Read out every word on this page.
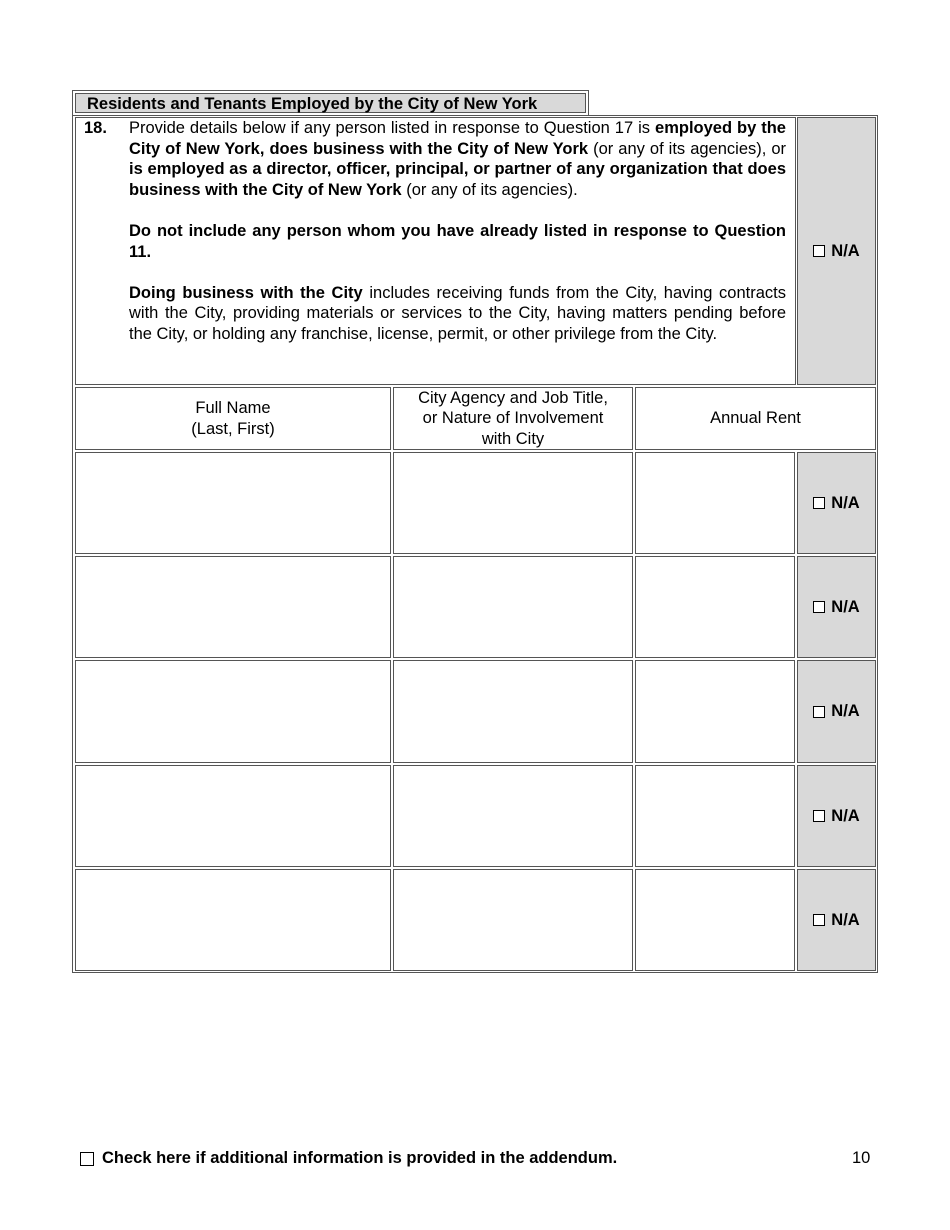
Residents and Tenants Employed by the City of New York
18. Provide details below if any person listed in response to Question 17 is employed by the City of New York, does business with the City of New York (or any of its agencies), or is employed as a director, officer, principal, or partner of any organization that does business with the City of New York (or any of its agencies).

Do not include any person whom you have already listed in response to Question 11.

Doing business with the City includes receiving funds from the City, having contracts with the City, providing materials or services to the City, having matters pending before the City, or holding any franchise, license, permit, or other privilege from the City.

N/A
Full Name
(Last, First)
City Agency and Job Title,
or Nature of Involvement
with City
Annual Rent
N/A
N/A
N/A
N/A
N/A
Check here if additional information is provided in the addendum.	10
